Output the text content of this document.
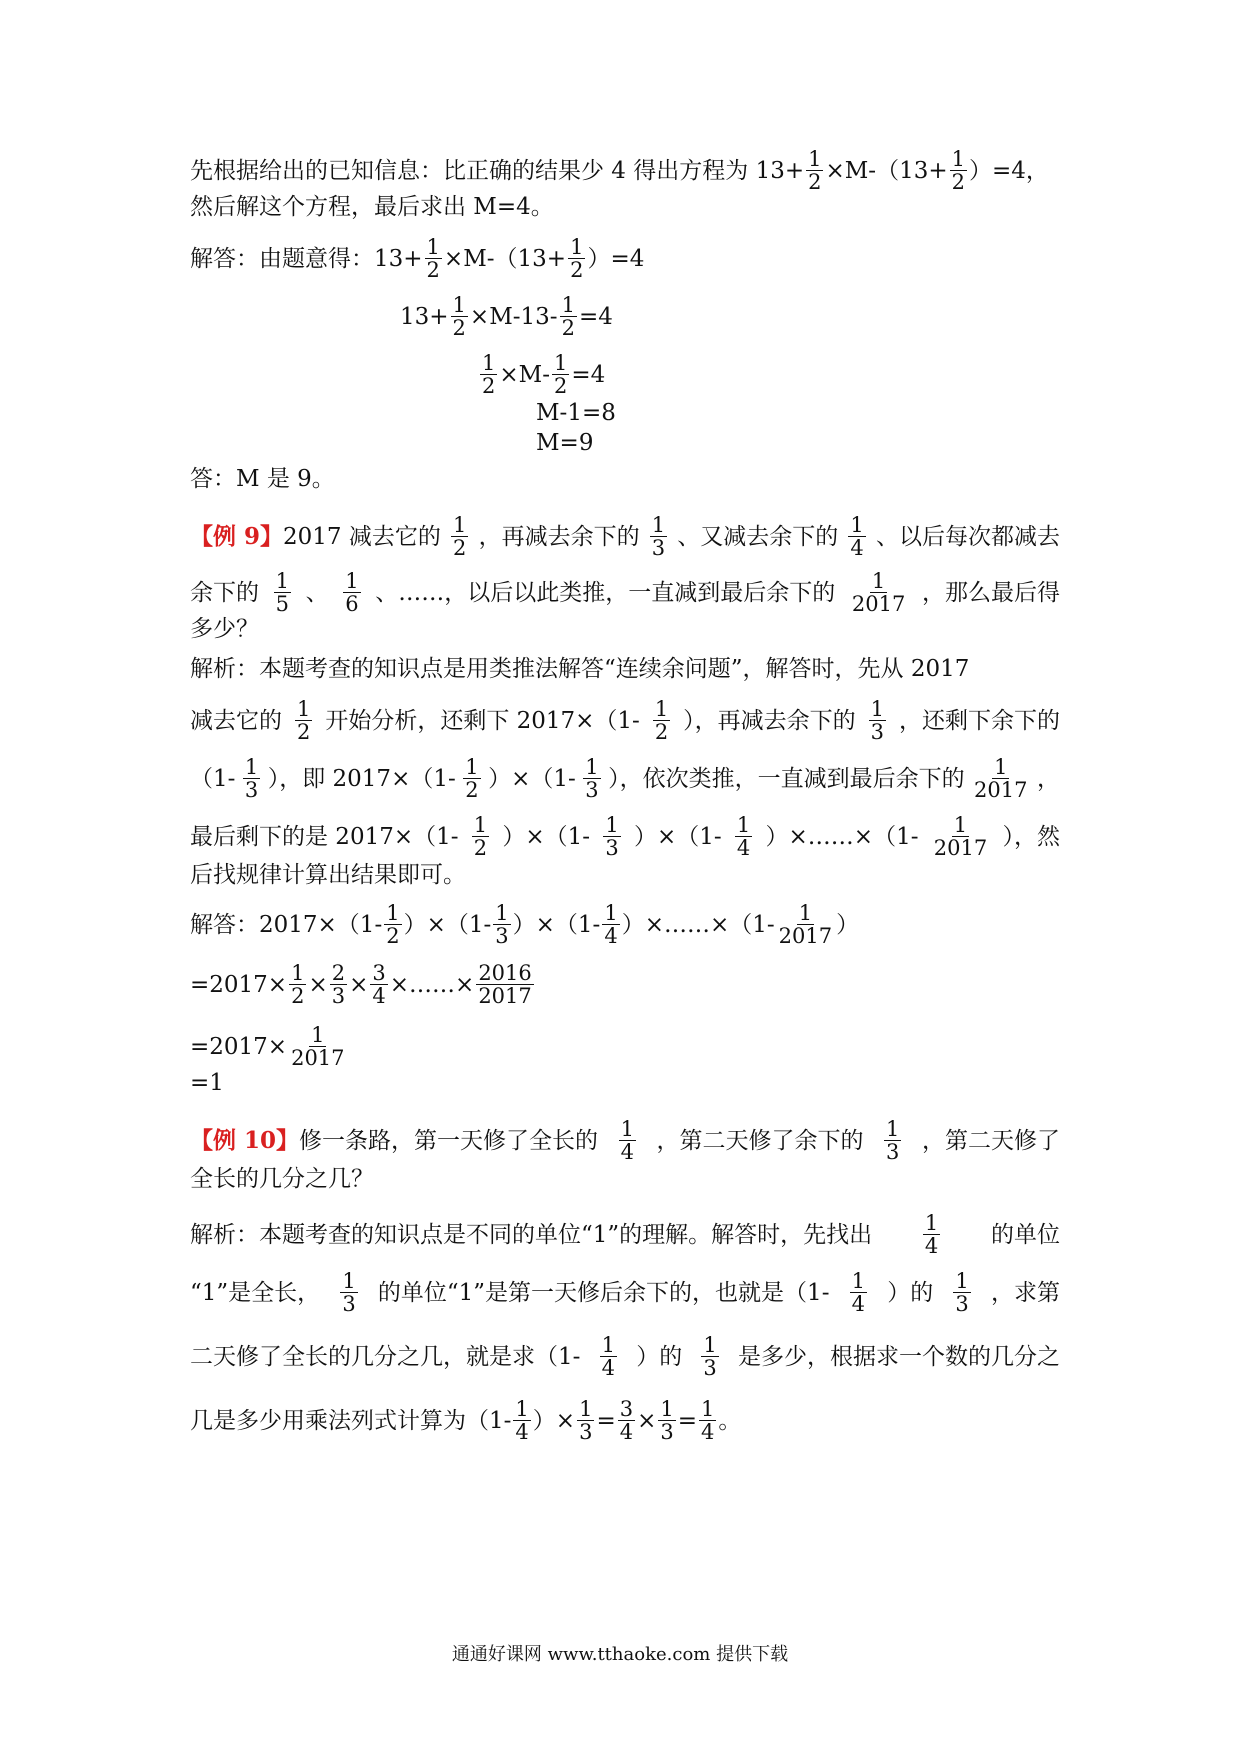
先根据给出的已知信息：比正确的结果少 4 得出方程为 $13+ \frac{1}{2} \times M-(13+ \frac{1}{2} )=4$，
然后解这个方程，最后求出 M=4。
解答：由题意得：$13+ \frac{1}{2} \times M-(13+ \frac{1}{2} )=4$
$13+ \frac{1}{2} \times M-13- \frac{1}{2} =4$
$\frac{1}{2} \times M- \frac{1}{2} =4$
M-1=8
M=9
答：M 是 9。
【例 9】2017 减去它的 $\frac{1}{2}$ ，再减去余下的 $\frac{1}{3}$ 、又减去余下的 $\frac{1}{4}$ 、以后每次都减去
余下的 $\frac{1}{5}$ 、 $\frac{1}{6}$ 、……，以后以此类推，一直减到最后余下的 $\frac{1}{2017}$ ，那么最后得
多少？
解析：本题考查的知识点是用类推法解答“连续余问题”，解答时，先从 2017
减去它的 $\frac{1}{2}$ 开始分析，还剩下 $2017\times(1- \frac{1}{2}$ ），再减去余下的 $\frac{1}{3}$ ，还剩下余下的
（$1- \frac{1}{3}$ ），即 $2017\times(1- \frac{1}{2} )\times(1- \frac{1}{3}$ ），依次类推，一直减到最后余下的 $\frac{1}{2017}$ ，
最后剩下的是 $2017\times(1- \frac{1}{2} )\times(1- \frac{1}{3} )\times(1- \frac{1}{4}$ ）×……×（1- $\frac{1}{2017}$ ），然
后找规律计算出结果即可。
解答：$2017\times(1- \frac{1}{2} )\times(1- \frac{1}{3} )\times(1- \frac{1}{4}$ ）×……×（1- $\frac{1}{2017}$ ）
$=2017\times \frac{1}{2} \times \frac{2}{3} \times \frac{3}{4}$ ×……× $\frac{2016}{2017}$
$=2017\times \frac{1}{2017}$
=1
【例 10】修一条路，第一天修了全长的 $\frac{1}{4}$ ，第二天修了余下的 $\frac{1}{3}$ ，第二天修了
全长的几分之几？
解析：本题考查的知识点是不同的单位“1”的理解。解答时，先找出 $\frac{1}{4}$ 的单位
“1”是全长， $\frac{1}{3}$ 的单位“1”是第一天修后余下的，也就是（$1- \frac{1}{4}$ ）的 $\frac{1}{3}$ ，求第
二天修了全长的几分之几，就是求（$1- \frac{1}{4}$ ）的 $\frac{1}{3}$ 是多少，根据求一个数的几分之
几是多少用乘法列式计算为（$1- \frac{1}{4}$ ）× $\frac{1}{3} = \frac{3}{4} \times \frac{1}{3} = \frac{1}{4}$ 。
通通好课网 www.tthaoke.com 提供下载
